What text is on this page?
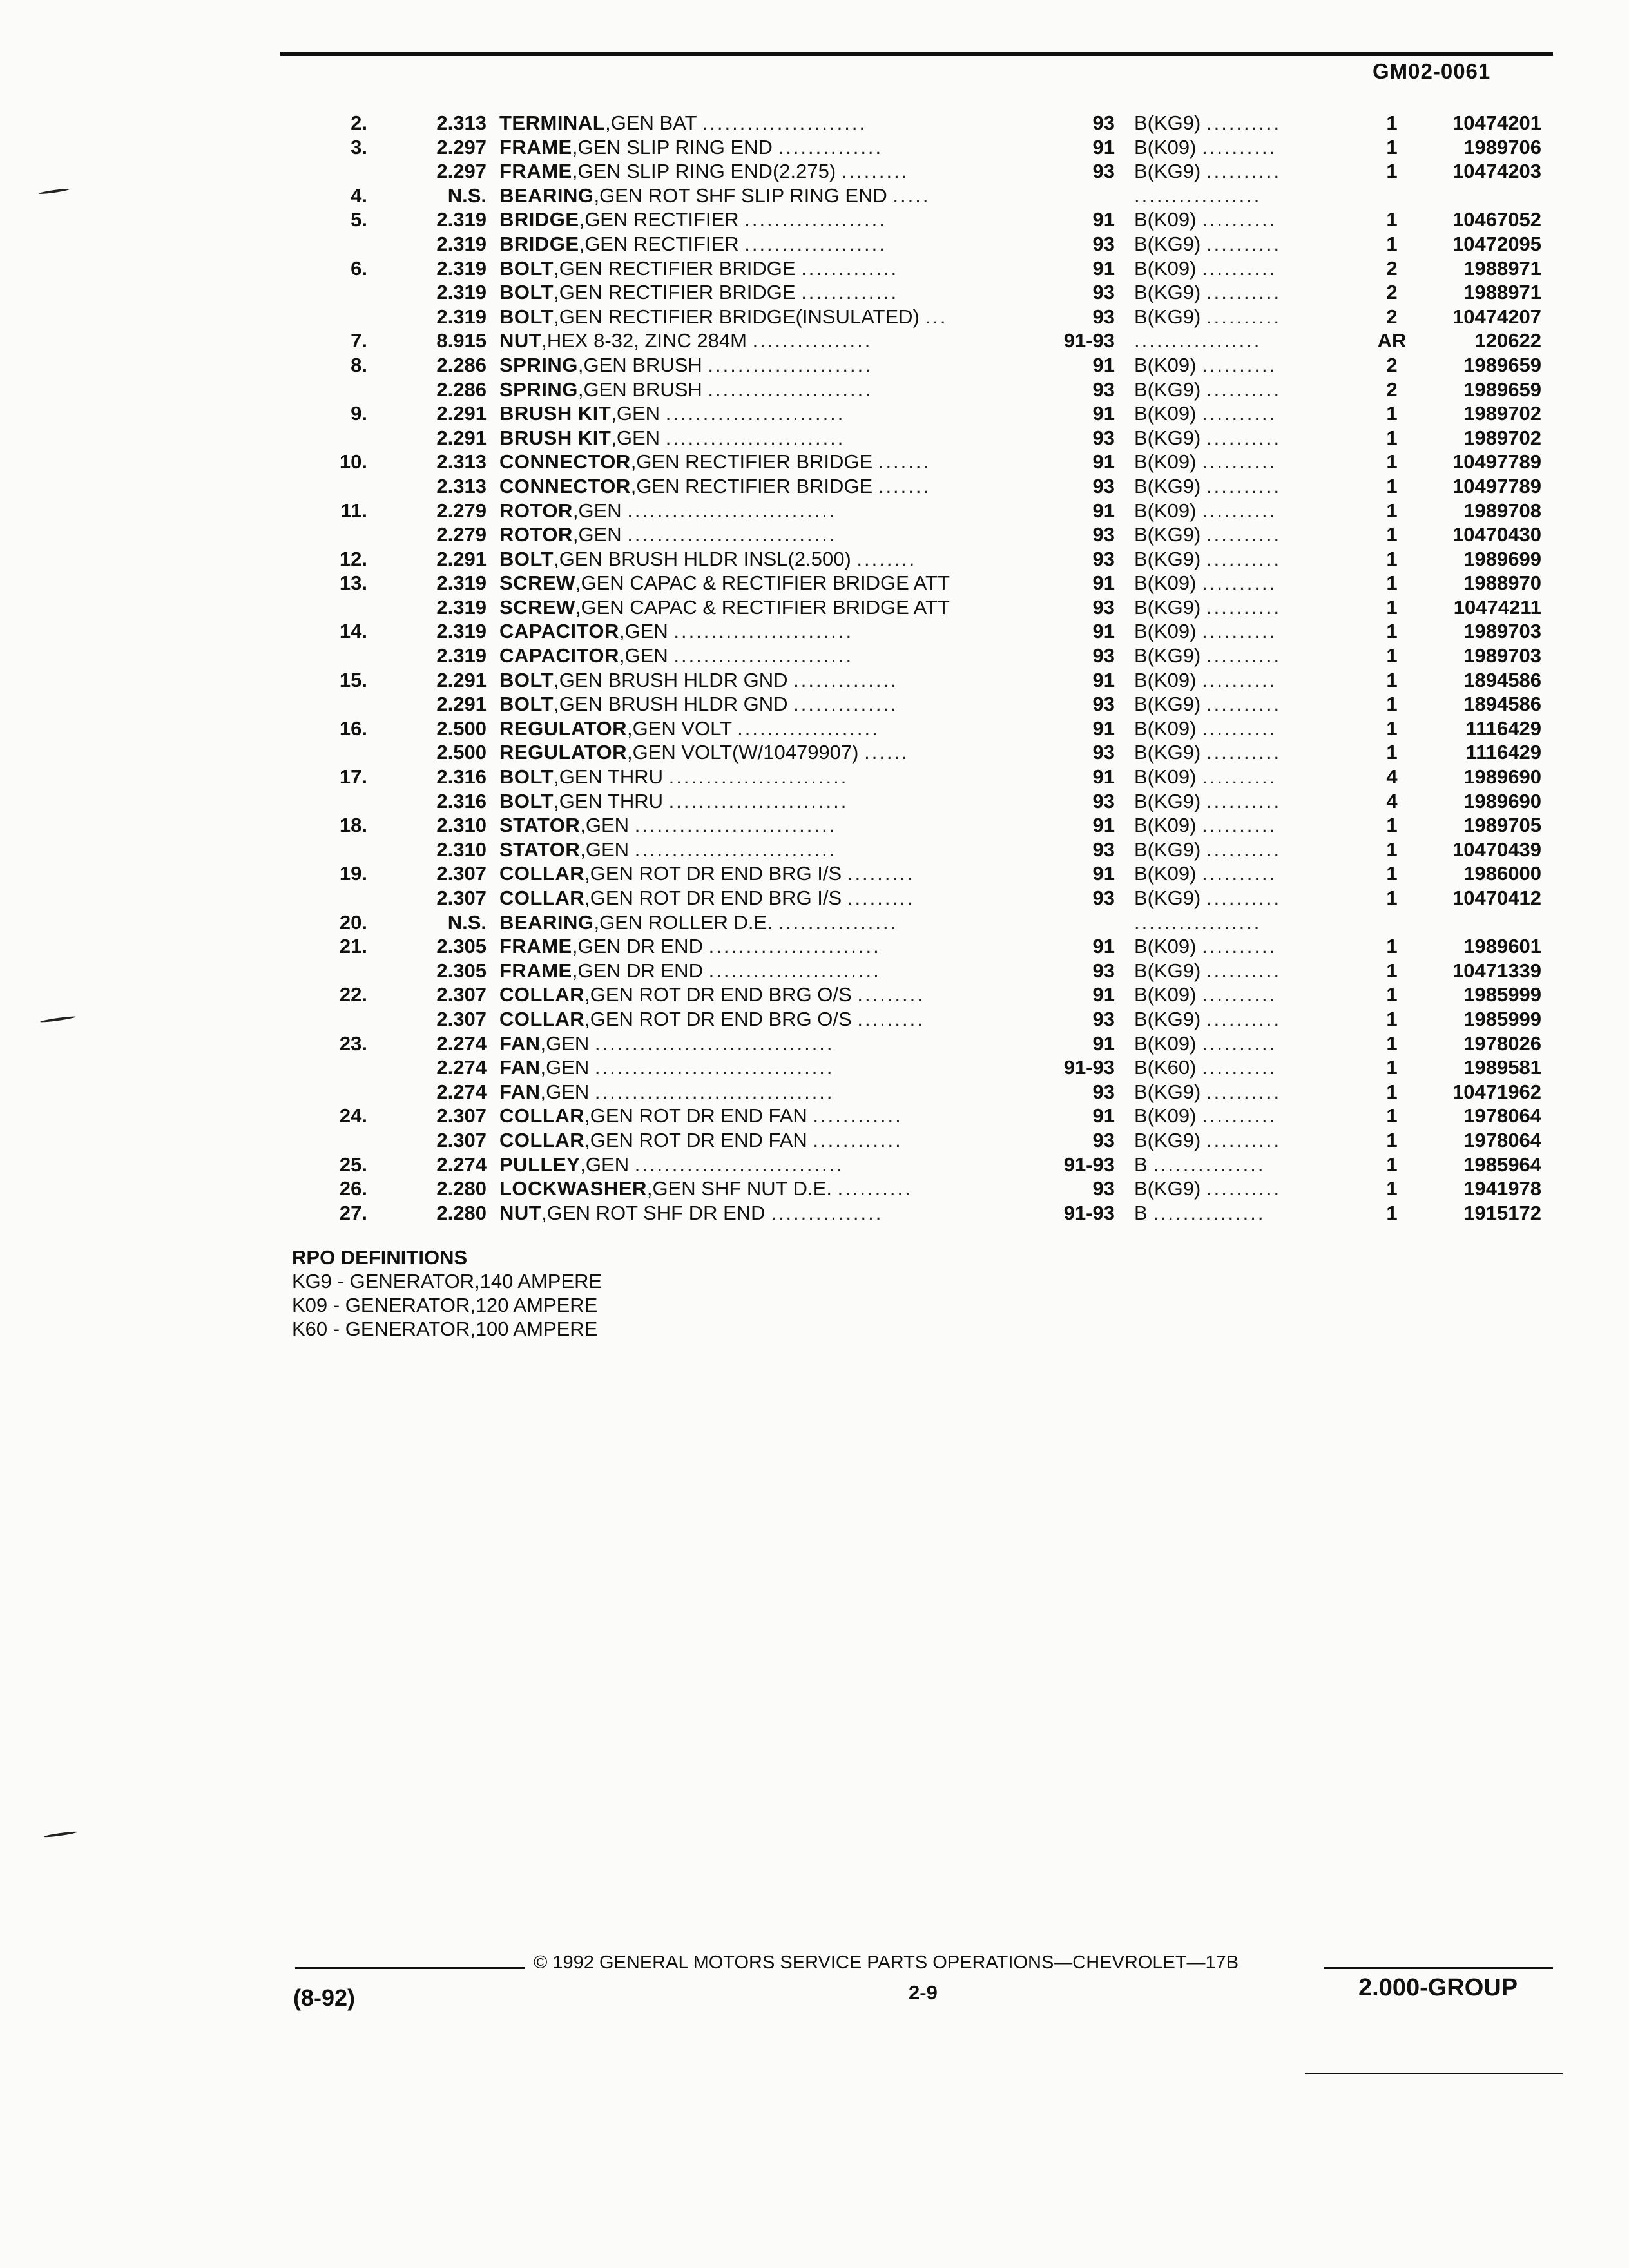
GM02-0061
2.	2.313 TERMINAL,GEN BAT ......................	93 B(KG9) ..........	1	10474201
3.	2.297 FRAME,GEN SLIP RING END ..............	91 B(K09) ..........	1	1989706
2.297 FRAME,GEN SLIP RING END(2.275) .........	93 B(KG9) ..........	1	10474203
4.	N.S. BEARING,GEN ROT SHF SLIP RING END .....	.................
5.	2.319 BRIDGE,GEN RECTIFIER ...................	91 B(K09) ..........	1	10467052
2.319 BRIDGE,GEN RECTIFIER ...................	93 B(KG9) ..........	1	10472095
6.	2.319 BOLT,GEN RECTIFIER BRIDGE .............	91 B(K09) ..........	2	1988971
2.319 BOLT,GEN RECTIFIER BRIDGE .............	93 B(KG9) ..........	2	1988971
2.319 BOLT,GEN RECTIFIER BRIDGE(INSULATED) ...	93 B(KG9) ..........	2	10474207
7.	8.915 NUT,HEX 8-32, ZINC 284M ................	91-93 .................	AR	120622
8.	2.286 SPRING,GEN BRUSH ......................	91 B(K09) ..........	2	1989659
2.286 SPRING,GEN BRUSH ......................	93 B(KG9) ..........	2	1989659
9.	2.291 BRUSH KIT,GEN ........................	91 B(K09) ..........	1	1989702
2.291 BRUSH KIT,GEN ........................	93 B(KG9) ..........	1	1989702
10.	2.313 CONNECTOR,GEN RECTIFIER BRIDGE .......	91 B(K09) ..........	1	10497789
2.313 CONNECTOR,GEN RECTIFIER BRIDGE .......	93 B(KG9) ..........	1	10497789
11.	2.279 ROTOR,GEN ............................	91 B(K09) ..........	1	1989708
2.279 ROTOR,GEN ............................	93 B(KG9) ..........	1	10470430
12.	2.291 BOLT,GEN BRUSH HLDR INSL(2.500) ........	93 B(KG9) ..........	1	1989699
13.	2.319 SCREW,GEN CAPAC & RECTIFIER BRIDGE ATT	91 B(K09) ..........	1	1988970
2.319 SCREW,GEN CAPAC & RECTIFIER BRIDGE ATT	93 B(KG9) ..........	1	10474211
14.	2.319 CAPACITOR,GEN ........................	91 B(K09) ..........	1	1989703
2.319 CAPACITOR,GEN ........................	93 B(KG9) ..........	1	1989703
15.	2.291 BOLT,GEN BRUSH HLDR GND ..............	91 B(K09) ..........	1	1894586
2.291 BOLT,GEN BRUSH HLDR GND ..............	93 B(KG9) ..........	1	1894586
16.	2.500 REGULATOR,GEN VOLT ...................	91 B(K09) ..........	1	1116429
2.500 REGULATOR,GEN VOLT(W/10479907) ......	93 B(KG9) ..........	1	1116429
17.	2.316 BOLT,GEN THRU ........................	91 B(K09) ..........	4	1989690
2.316 BOLT,GEN THRU ........................	93 B(KG9) ..........	4	1989690
18.	2.310 STATOR,GEN ...........................	91 B(K09) ..........	1	1989705
2.310 STATOR,GEN ...........................	93 B(KG9) ..........	1	10470439
19.	2.307 COLLAR,GEN ROT DR END BRG I/S .........	91 B(K09) ..........	1	1986000
2.307 COLLAR,GEN ROT DR END BRG I/S .........	93 B(KG9) ..........	1	10470412
20.	N.S. BEARING,GEN ROLLER D.E. ................	.................
21.	2.305 FRAME,GEN DR END .......................	91 B(K09) ..........	1	1989601
2.305 FRAME,GEN DR END .......................	93 B(KG9) ..........	1	10471339
22.	2.307 COLLAR,GEN ROT DR END BRG O/S .........	91 B(K09) ..........	1	1985999
2.307 COLLAR,GEN ROT DR END BRG O/S .........	93 B(KG9) ..........	1	1985999
23.	2.274 FAN,GEN ................................	91 B(K09) ..........	1	1978026
2.274 FAN,GEN ................................	91-93 B(K60) ..........	1	1989581
2.274 FAN,GEN ................................	93 B(KG9) ..........	1	10471962
24.	2.307 COLLAR,GEN ROT DR END FAN ............	91 B(K09) ..........	1	1978064
2.307 COLLAR,GEN ROT DR END FAN ............	93 B(KG9) ..........	1	1978064
25.	2.274 PULLEY,GEN ............................	91-93 B ...............	1	1985964
26.	2.280 LOCKWASHER,GEN SHF NUT D.E. ..........	93 B(KG9) ..........	1	1941978
27.	2.280 NUT,GEN ROT SHF DR END ...............	91-93 B ...............	1	1915172
RPO DEFINITIONS
KG9 - GENERATOR,140 AMPERE
K09 - GENERATOR,120 AMPERE
K60 - GENERATOR,100 AMPERE
© 1992 GENERAL MOTORS SERVICE PARTS OPERATIONS—CHEVROLET—17B
2-9
(8-92)	2.000-GROUP
